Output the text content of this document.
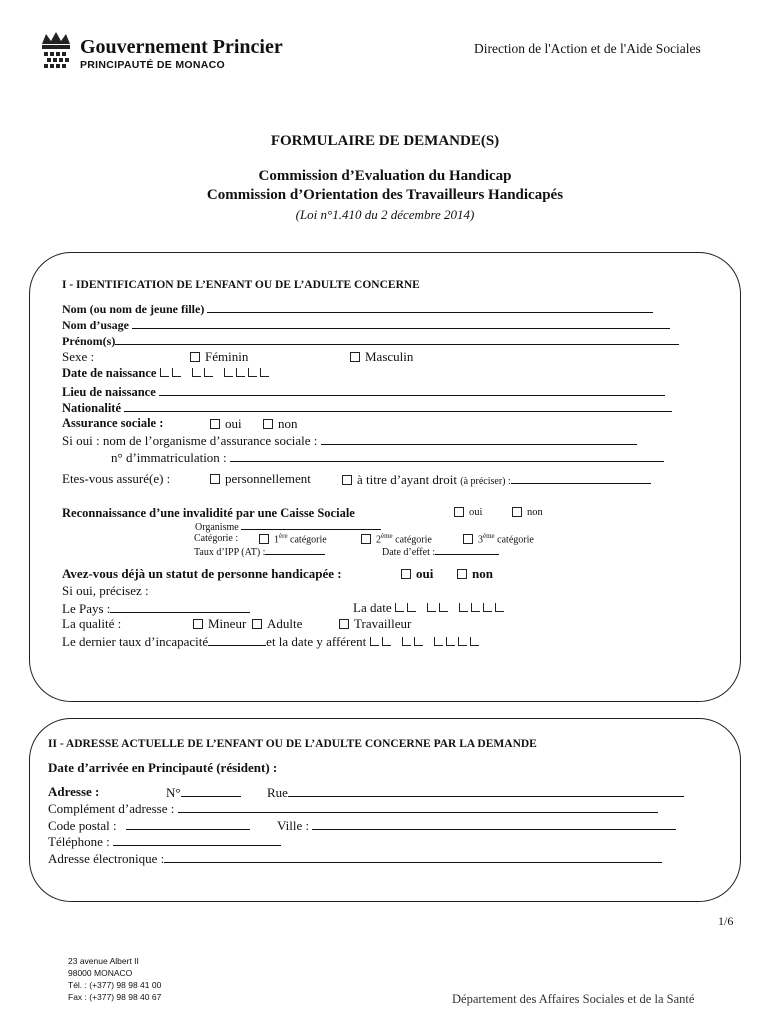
Gouvernement Princier
PRINCIPAUTÉ DE MONACO
Direction de l'Action et de l'Aide Sociales
FORMULAIRE DE DEMANDE(S)
Commission d’Evaluation du Handicap
Commission d’Orientation des Travailleurs Handicapés
(Loi n°1.410 du 2 décembre 2014)
I - IDENTIFICATION DE L’ENFANT OU DE L’ADULTE CONCERNE
Nom (ou nom de jeune fille)
Nom d’usage
Prénom(s)
Sexe :	Féminin	Masculin
Date de naissance
Lieu de naissance
Nationalité
Assurance sociale :	oui	non
Si oui : nom de l’organisme d’assurance sociale :
n° d’immatriculation :
Etes-vous assuré(e) :	personnellement	à titre d’ayant droit (à préciser) :
Reconnaissance d’une invalidité par une Caisse Sociale	oui	non
Organisme
Catégorie :	1ère catégorie	2ème catégorie	3ème catégorie
Taux d’IPP (AT) :	Date d’effet :
Avez-vous déjà un statut de personne handicapée :	oui	non
Si oui, précisez :
Le Pays :	La date
La qualité :	Mineur	Adulte	Travailleur
Le dernier taux d’incapacité	et la date y afférent
II - ADRESSE ACTUELLE DE L’ENFANT OU DE L’ADULTE CONCERNE PAR LA DEMANDE
Date d’arrivée en Principauté (résident) :
Adresse :	N°	Rue
Complément d’adresse :
Code postal :	Ville :
Téléphone :
Adresse électronique :
1/6
23 avenue Albert II
98000 MONACO
Tél. : (+377) 98 98 41 00
Fax : (+377) 98 98 40 67	Département des Affaires Sociales et de la Santé
